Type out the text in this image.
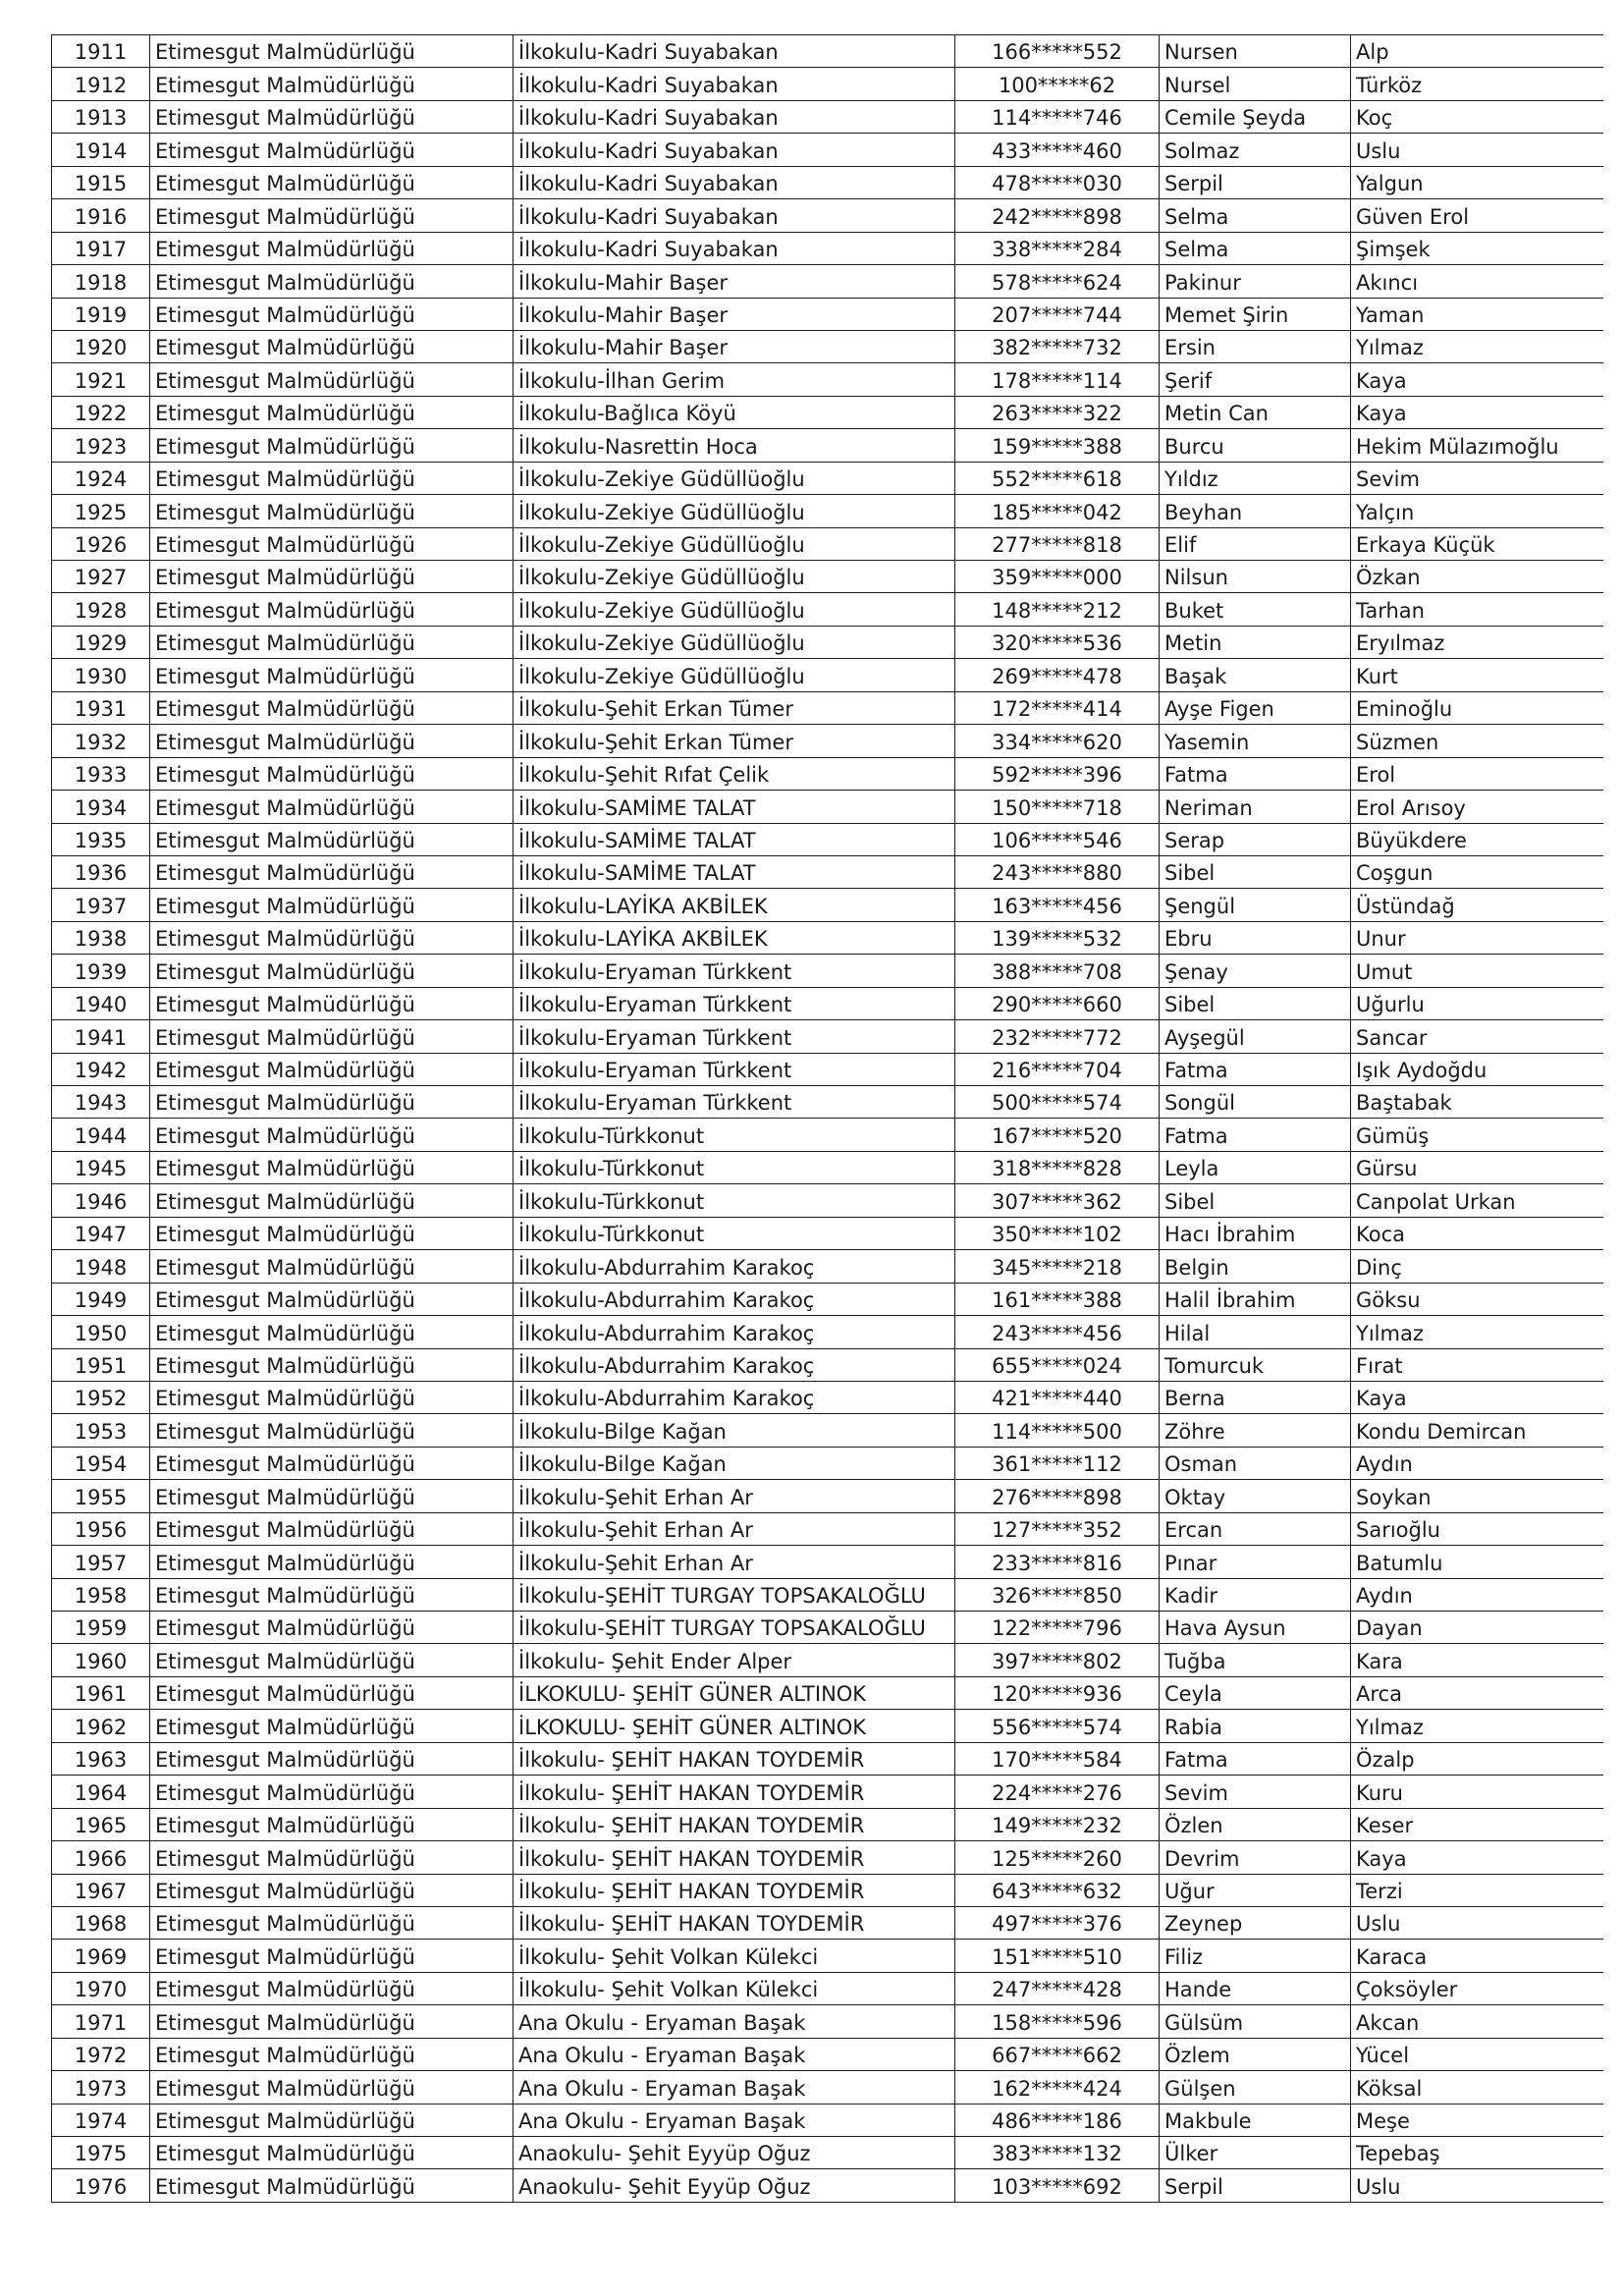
1911	Etimesgut Malmüdürlüğü	İlkokulu-Kadri Suyabakan	166*****552	Nursen	Alp
1912	Etimesgut Malmüdürlüğü	İlkokulu-Kadri Suyabakan	100*****62	Nursel	Türköz
1913	Etimesgut Malmüdürlüğü	İlkokulu-Kadri Suyabakan	114*****746	Cemile Şeyda	Koç
1914	Etimesgut Malmüdürlüğü	İlkokulu-Kadri Suyabakan	433*****460	Solmaz	Uslu
1915	Etimesgut Malmüdürlüğü	İlkokulu-Kadri Suyabakan	478*****030	Serpil	Yalgun
1916	Etimesgut Malmüdürlüğü	İlkokulu-Kadri Suyabakan	242*****898	Selma	Güven Erol
1917	Etimesgut Malmüdürlüğü	İlkokulu-Kadri Suyabakan	338*****284	Selma	Şimşek
1918	Etimesgut Malmüdürlüğü	İlkokulu-Mahir Başer	578*****624	Pakinur	Akıncı
1919	Etimesgut Malmüdürlüğü	İlkokulu-Mahir Başer	207*****744	Memet Şirin	Yaman
1920	Etimesgut Malmüdürlüğü	İlkokulu-Mahir Başer	382*****732	Ersin	Yılmaz
1921	Etimesgut Malmüdürlüğü	İlkokulu-İlhan Gerim	178*****114	Şerif	Kaya
1922	Etimesgut Malmüdürlüğü	İlkokulu-Bağlıca Köyü	263*****322	Metin Can	Kaya
1923	Etimesgut Malmüdürlüğü	İlkokulu-Nasrettin Hoca	159*****388	Burcu	Hekim Mülazımoğlu
1924	Etimesgut Malmüdürlüğü	İlkokulu-Zekiye Güdüllüoğlu	552*****618	Yıldız	Sevim
1925	Etimesgut Malmüdürlüğü	İlkokulu-Zekiye Güdüllüoğlu	185*****042	Beyhan	Yalçın
1926	Etimesgut Malmüdürlüğü	İlkokulu-Zekiye Güdüllüoğlu	277*****818	Elif	Erkaya Küçük
1927	Etimesgut Malmüdürlüğü	İlkokulu-Zekiye Güdüllüoğlu	359*****000	Nilsun	Özkan
1928	Etimesgut Malmüdürlüğü	İlkokulu-Zekiye Güdüllüoğlu	148*****212	Buket	Tarhan
1929	Etimesgut Malmüdürlüğü	İlkokulu-Zekiye Güdüllüoğlu	320*****536	Metin	Eryılmaz
1930	Etimesgut Malmüdürlüğü	İlkokulu-Zekiye Güdüllüoğlu	269*****478	Başak	Kurt
1931	Etimesgut Malmüdürlüğü	İlkokulu-Şehit Erkan Tümer	172*****414	Ayşe Figen	Eminoğlu
1932	Etimesgut Malmüdürlüğü	İlkokulu-Şehit Erkan Tümer	334*****620	Yasemin	Süzmen
1933	Etimesgut Malmüdürlüğü	İlkokulu-Şehit Rıfat Çelik	592*****396	Fatma	Erol
1934	Etimesgut Malmüdürlüğü	İlkokulu-SAMİME TALAT	150*****718	Neriman	Erol Arısoy
1935	Etimesgut Malmüdürlüğü	İlkokulu-SAMİME TALAT	106*****546	Serap	Büyükdere
1936	Etimesgut Malmüdürlüğü	İlkokulu-SAMİME TALAT	243*****880	Sibel	Coşgun
1937	Etimesgut Malmüdürlüğü	İlkokulu-LAYİKA AKBİLEK	163*****456	Şengül	Üstündağ
1938	Etimesgut Malmüdürlüğü	İlkokulu-LAYİKA AKBİLEK	139*****532	Ebru	Unur
1939	Etimesgut Malmüdürlüğü	İlkokulu-Eryaman Türkkent	388*****708	Şenay	Umut
1940	Etimesgut Malmüdürlüğü	İlkokulu-Eryaman Türkkent	290*****660	Sibel	Uğurlu
1941	Etimesgut Malmüdürlüğü	İlkokulu-Eryaman Türkkent	232*****772	Ayşegül	Sancar
1942	Etimesgut Malmüdürlüğü	İlkokulu-Eryaman Türkkent	216*****704	Fatma	Işık Aydoğdu
1943	Etimesgut Malmüdürlüğü	İlkokulu-Eryaman Türkkent	500*****574	Songül	Baştabak
1944	Etimesgut Malmüdürlüğü	İlkokulu-Türkkonut	167*****520	Fatma	Gümüş
1945	Etimesgut Malmüdürlüğü	İlkokulu-Türkkonut	318*****828	Leyla	Gürsu
1946	Etimesgut Malmüdürlüğü	İlkokulu-Türkkonut	307*****362	Sibel	Canpolat Urkan
1947	Etimesgut Malmüdürlüğü	İlkokulu-Türkkonut	350*****102	Hacı İbrahim	Koca
1948	Etimesgut Malmüdürlüğü	İlkokulu-Abdurrahim Karakoç	345*****218	Belgin	Dinç
1949	Etimesgut Malmüdürlüğü	İlkokulu-Abdurrahim Karakoç	161*****388	Halil İbrahim	Göksu
1950	Etimesgut Malmüdürlüğü	İlkokulu-Abdurrahim Karakoç	243*****456	Hilal	Yılmaz
1951	Etimesgut Malmüdürlüğü	İlkokulu-Abdurrahim Karakoç	655*****024	Tomurcuk	Fırat
1952	Etimesgut Malmüdürlüğü	İlkokulu-Abdurrahim Karakoç	421*****440	Berna	Kaya
1953	Etimesgut Malmüdürlüğü	İlkokulu-Bilge Kağan	114*****500	Zöhre	Kondu Demircan
1954	Etimesgut Malmüdürlüğü	İlkokulu-Bilge Kağan	361*****112	Osman	Aydın
1955	Etimesgut Malmüdürlüğü	İlkokulu-Şehit Erhan Ar	276*****898	Oktay	Soykan
1956	Etimesgut Malmüdürlüğü	İlkokulu-Şehit Erhan Ar	127*****352	Ercan	Sarıoğlu
1957	Etimesgut Malmüdürlüğü	İlkokulu-Şehit Erhan Ar	233*****816	Pınar	Batumlu
1958	Etimesgut Malmüdürlüğü	İlkokulu-ŞEHİT TURGAY TOPSAKALOĞLU	326*****850	Kadir	Aydın
1959	Etimesgut Malmüdürlüğü	İlkokulu-ŞEHİT TURGAY TOPSAKALOĞLU	122*****796	Hava Aysun	Dayan
1960	Etimesgut Malmüdürlüğü	İlkokulu- Şehit Ender Alper	397*****802	Tuğba	Kara
1961	Etimesgut Malmüdürlüğü	İLKOKULU- ŞEHİT GÜNER ALTINOK	120*****936	Ceyla	Arca
1962	Etimesgut Malmüdürlüğü	İLKOKULU- ŞEHİT GÜNER ALTINOK	556*****574	Rabia	Yılmaz
1963	Etimesgut Malmüdürlüğü	İlkokulu- ŞEHİT HAKAN TOYDEMİR	170*****584	Fatma	Özalp
1964	Etimesgut Malmüdürlüğü	İlkokulu- ŞEHİT HAKAN TOYDEMİR	224*****276	Sevim	Kuru
1965	Etimesgut Malmüdürlüğü	İlkokulu- ŞEHİT HAKAN TOYDEMİR	149*****232	Özlen	Keser
1966	Etimesgut Malmüdürlüğü	İlkokulu- ŞEHİT HAKAN TOYDEMİR	125*****260	Devrim	Kaya
1967	Etimesgut Malmüdürlüğü	İlkokulu- ŞEHİT HAKAN TOYDEMİR	643*****632	Uğur	Terzi
1968	Etimesgut Malmüdürlüğü	İlkokulu- ŞEHİT HAKAN TOYDEMİR	497*****376	Zeynep	Uslu
1969	Etimesgut Malmüdürlüğü	İlkokulu- Şehit Volkan Külekci	151*****510	Filiz	Karaca
1970	Etimesgut Malmüdürlüğü	İlkokulu- Şehit Volkan Külekci	247*****428	Hande	Çoksöyler
1971	Etimesgut Malmüdürlüğü	Ana Okulu - Eryaman Başak	158*****596	Gülsüm	Akcan
1972	Etimesgut Malmüdürlüğü	Ana Okulu - Eryaman Başak	667*****662	Özlem	Yücel
1973	Etimesgut Malmüdürlüğü	Ana Okulu - Eryaman Başak	162*****424	Gülşen	Köksal
1974	Etimesgut Malmüdürlüğü	Ana Okulu - Eryaman Başak	486*****186	Makbule	Meşe
1975	Etimesgut Malmüdürlüğü	Anaokulu- Şehit Eyyüp Oğuz	383*****132	Ülker	Tepebaş
1976	Etimesgut Malmüdürlüğü	Anaokulu- Şehit Eyyüp Oğuz	103*****692	Serpil	Uslu
